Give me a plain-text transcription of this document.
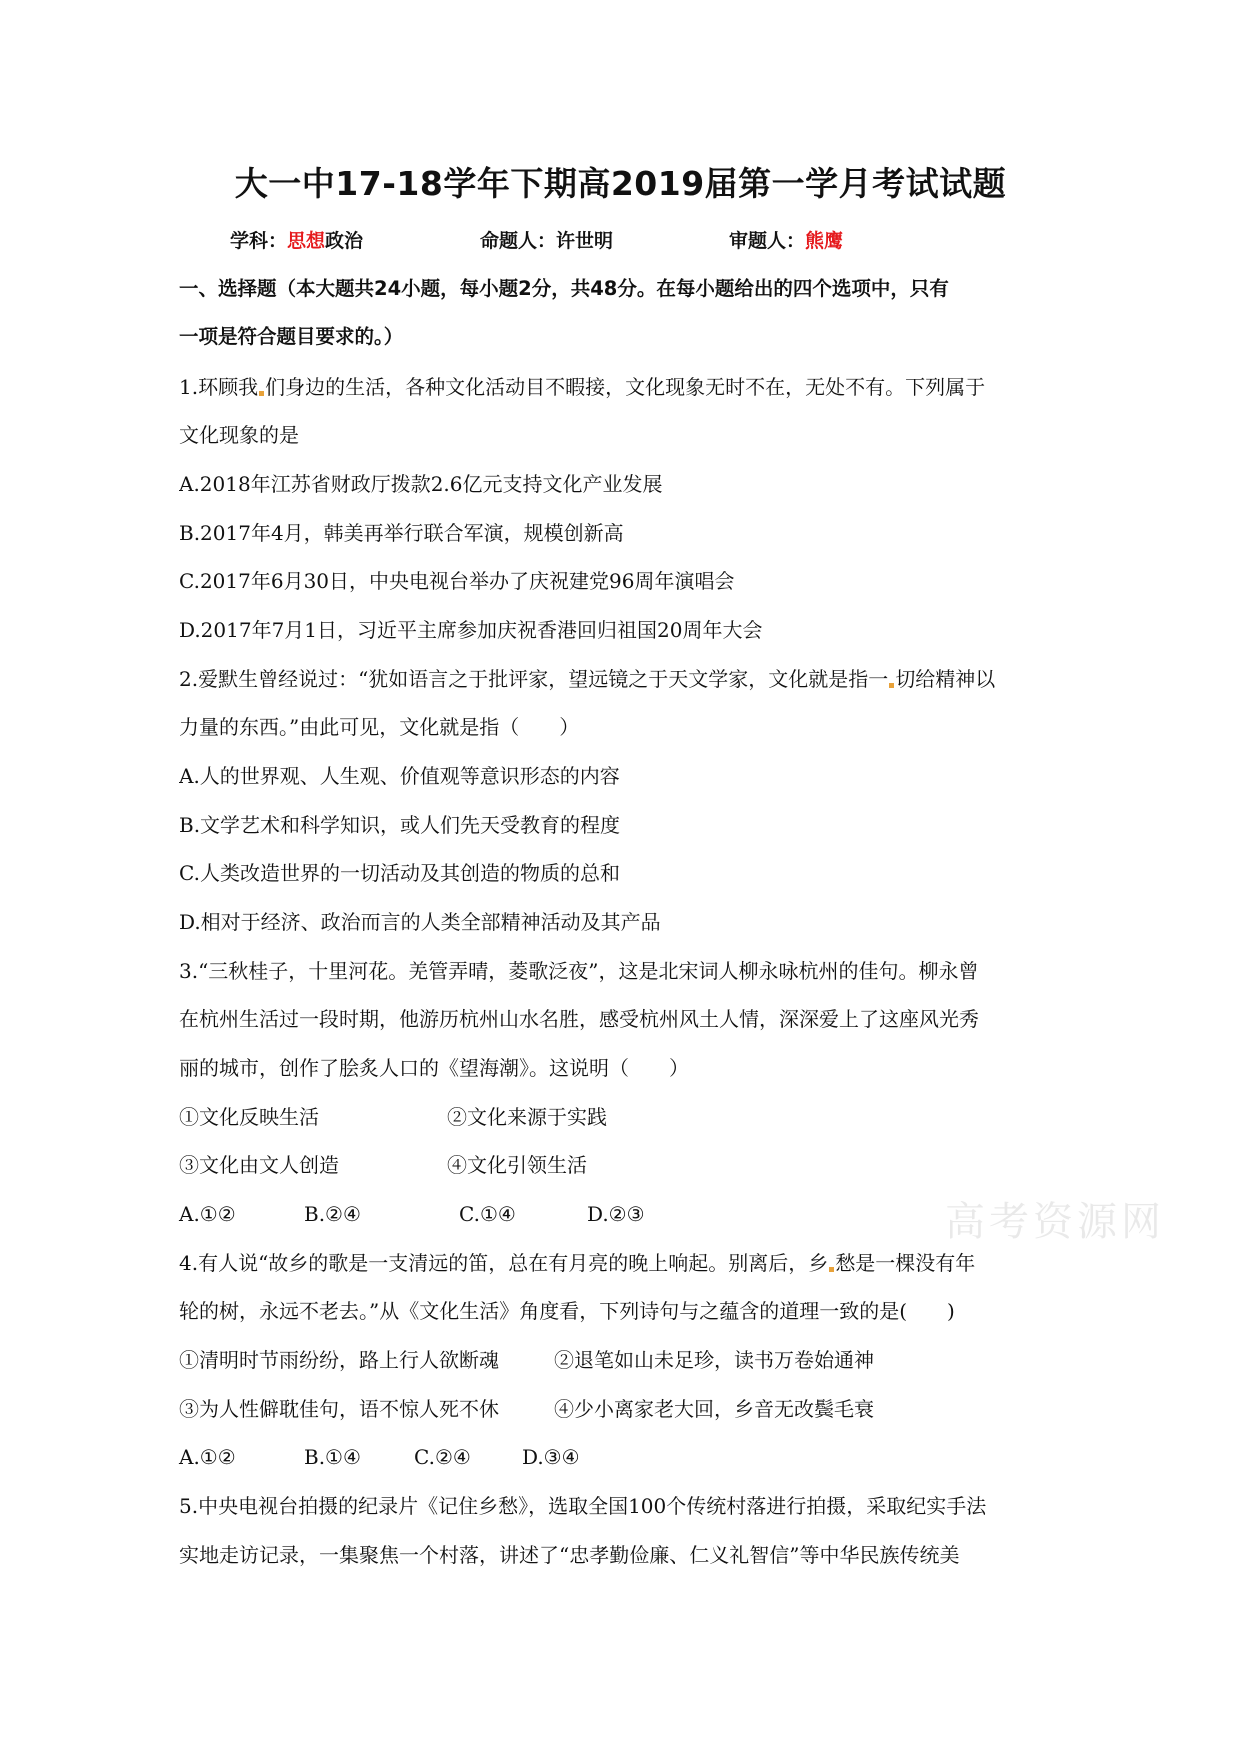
大一中17-18学年下期高2019届第一学月考试试题
学科：思想政治	命题人：许世明	审题人：熊鹰
一、选择题（本大题共24小题，每小题2分，共48分。在每小题给出的四个选项中，只有
一项是符合题目要求的。）
1.环顾我 们身边的生活，各种文化活动目不暇接，文化现象无时不在，无处不有。下列属于
文化现象的是
A.2018年江苏省财政厅拨款2.6亿元支持文化产业发展
B.2017年4月，韩美再举行联合军演，规模创新高
C.2017年6月30日，中央电视台举办了庆祝建党96周年演唱会
D.2017年7月1日，习近平主席参加庆祝香港回归祖国20周年大会
2.爱默生曾经说过：“犹如语言之于批评家，望远镜之于天文学家，文化就是指一 切给精神以
力量的东西。”由此可见，文化就是指（　　）
A.人的世界观、人生观、价值观等意识形态的内容
B.文学艺术和科学知识，或人们先天受教育的程度
C.人类改造世界的一切活动及其创造的物质的总和
D.相对于经济、政治而言的人类全部精神活动及其产品
3.“三秋桂子，十里河花。羌管弄晴，菱歌泛夜”，这是北宋词人柳永咏杭州的佳句。柳永曾
在杭州生活过一段时期，他游历杭州山水名胜，感受杭州风土人情，深深爱上了这座风光秀
丽的城市，创作了脍炙人口的《望海潮》。这说明（　　）
①文化反映生活	②文化来源于实践
③文化由文人创造	④文化引领生活
A.①②	B.②④	C.①④	D.②③	高考资源网
4.有人说“故乡的歌是一支清远的笛，总在有月亮的晚上响起。别离后，乡 愁是一棵没有年
轮的树，永远不老去。”从《文化生活》角度看，下列诗句与之蕴含的道理一致的是(　　)
①清明时节雨纷纷，路上行人欲断魂	②退笔如山未足珍，读书万卷始通神
③为人性僻耽佳句，语不惊人死不休	④少小离家老大回，乡音无改鬓毛衰
A.①②	B.①④	C.②④	D.③④
5.中央电视台拍摄的纪录片《记住乡愁》，选取全国100个传统村落进行拍摄，采取纪实手法
实地走访记录，一集聚焦一个村落，讲述了“忠孝勤俭廉、仁义礼智信”等中华民族传统美
